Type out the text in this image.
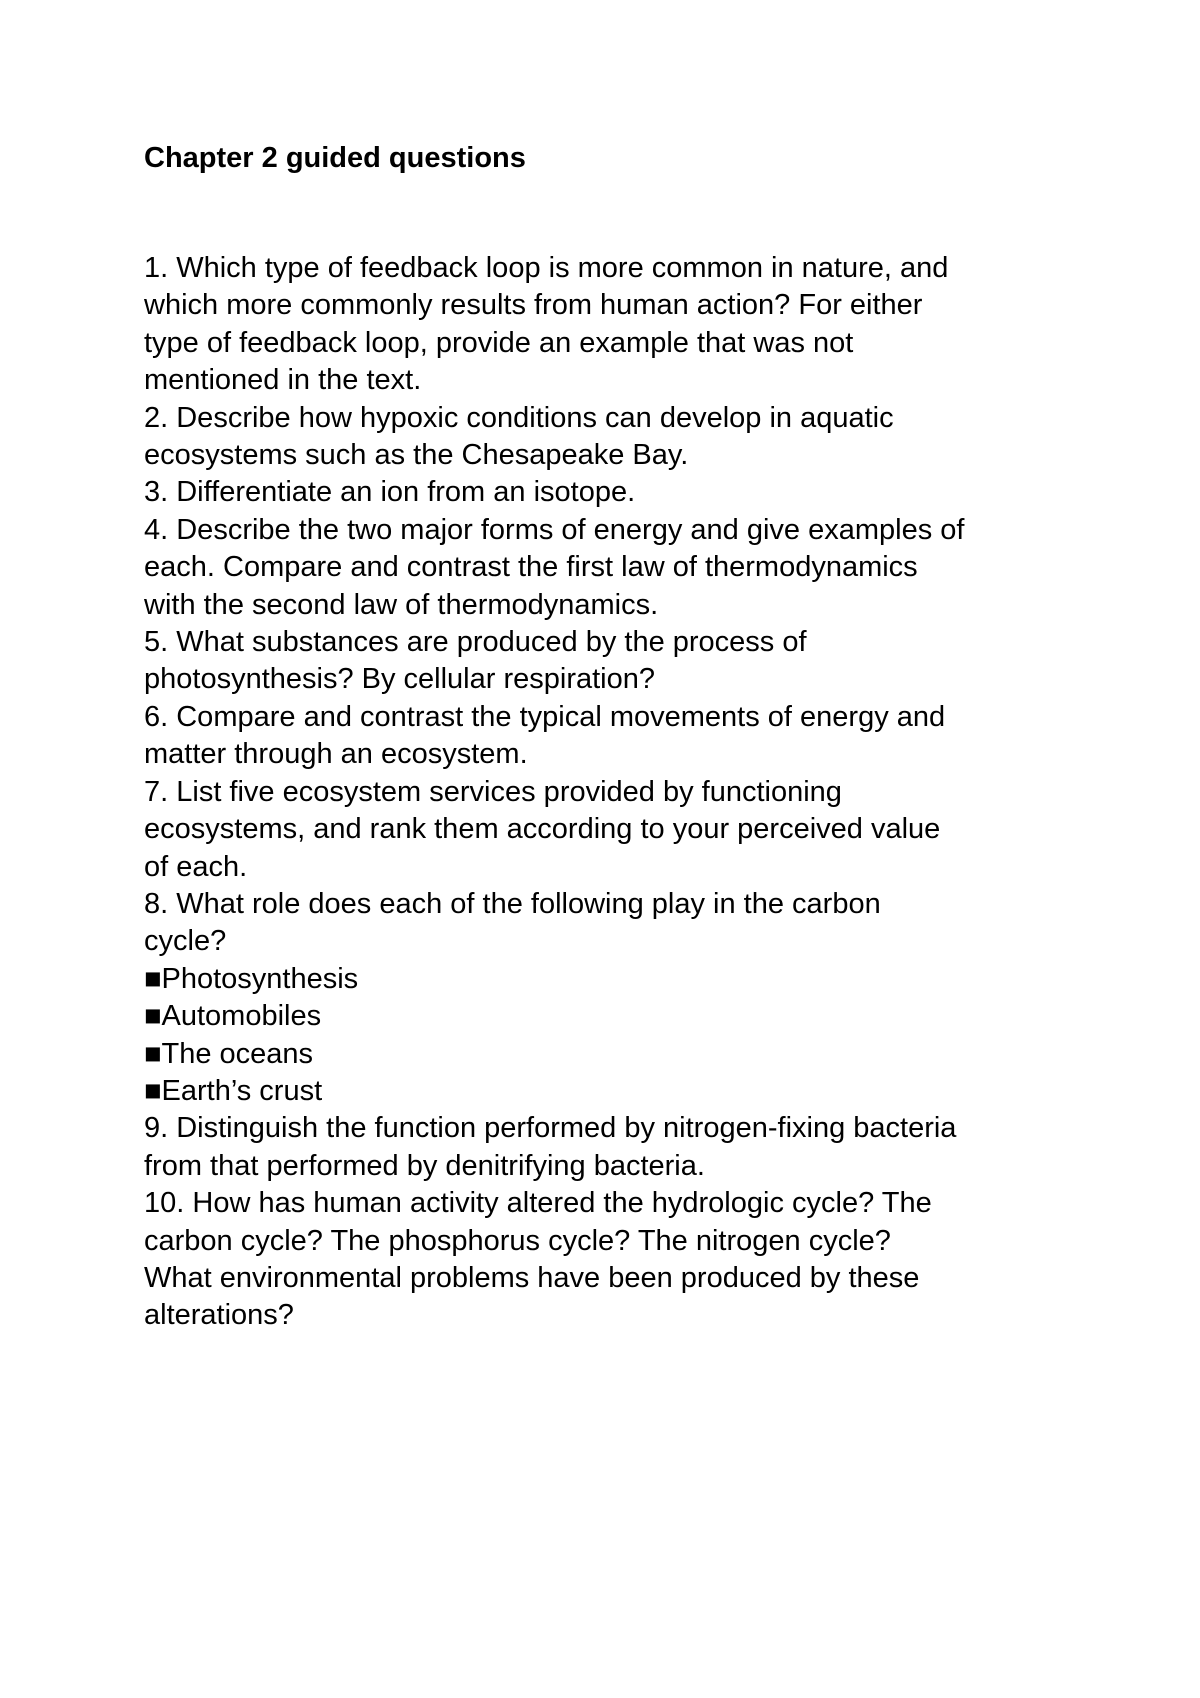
Chapter 2 guided questions
1. Which type of feedback loop is more common in nature, and
which more commonly results from human action? For either
type of feedback loop, provide an example that was not
mentioned in the text.
2. Describe how hypoxic conditions can develop in aquatic
ecosystems such as the Chesapeake Bay.
3. Differentiate an ion from an isotope.
4. Describe the two major forms of energy and give examples of
each. Compare and contrast the first law of thermodynamics
with the second law of thermodynamics.
5. What substances are produced by the process of
photosynthesis? By cellular respiration?
6. Compare and contrast the typical movements of energy and
matter through an ecosystem.
7. List five ecosystem services provided by functioning
ecosystems, and rank them according to your perceived value
of each.
8. What role does each of the following play in the carbon
cycle?
■Photosynthesis
■Automobiles
■The oceans
■Earth’s crust
9. Distinguish the function performed by nitrogen-fixing bacteria
from that performed by denitrifying bacteria.
10. How has human activity altered the hydrologic cycle? The
carbon cycle? The phosphorus cycle? The nitrogen cycle?
What environmental problems have been produced by these
alterations?
